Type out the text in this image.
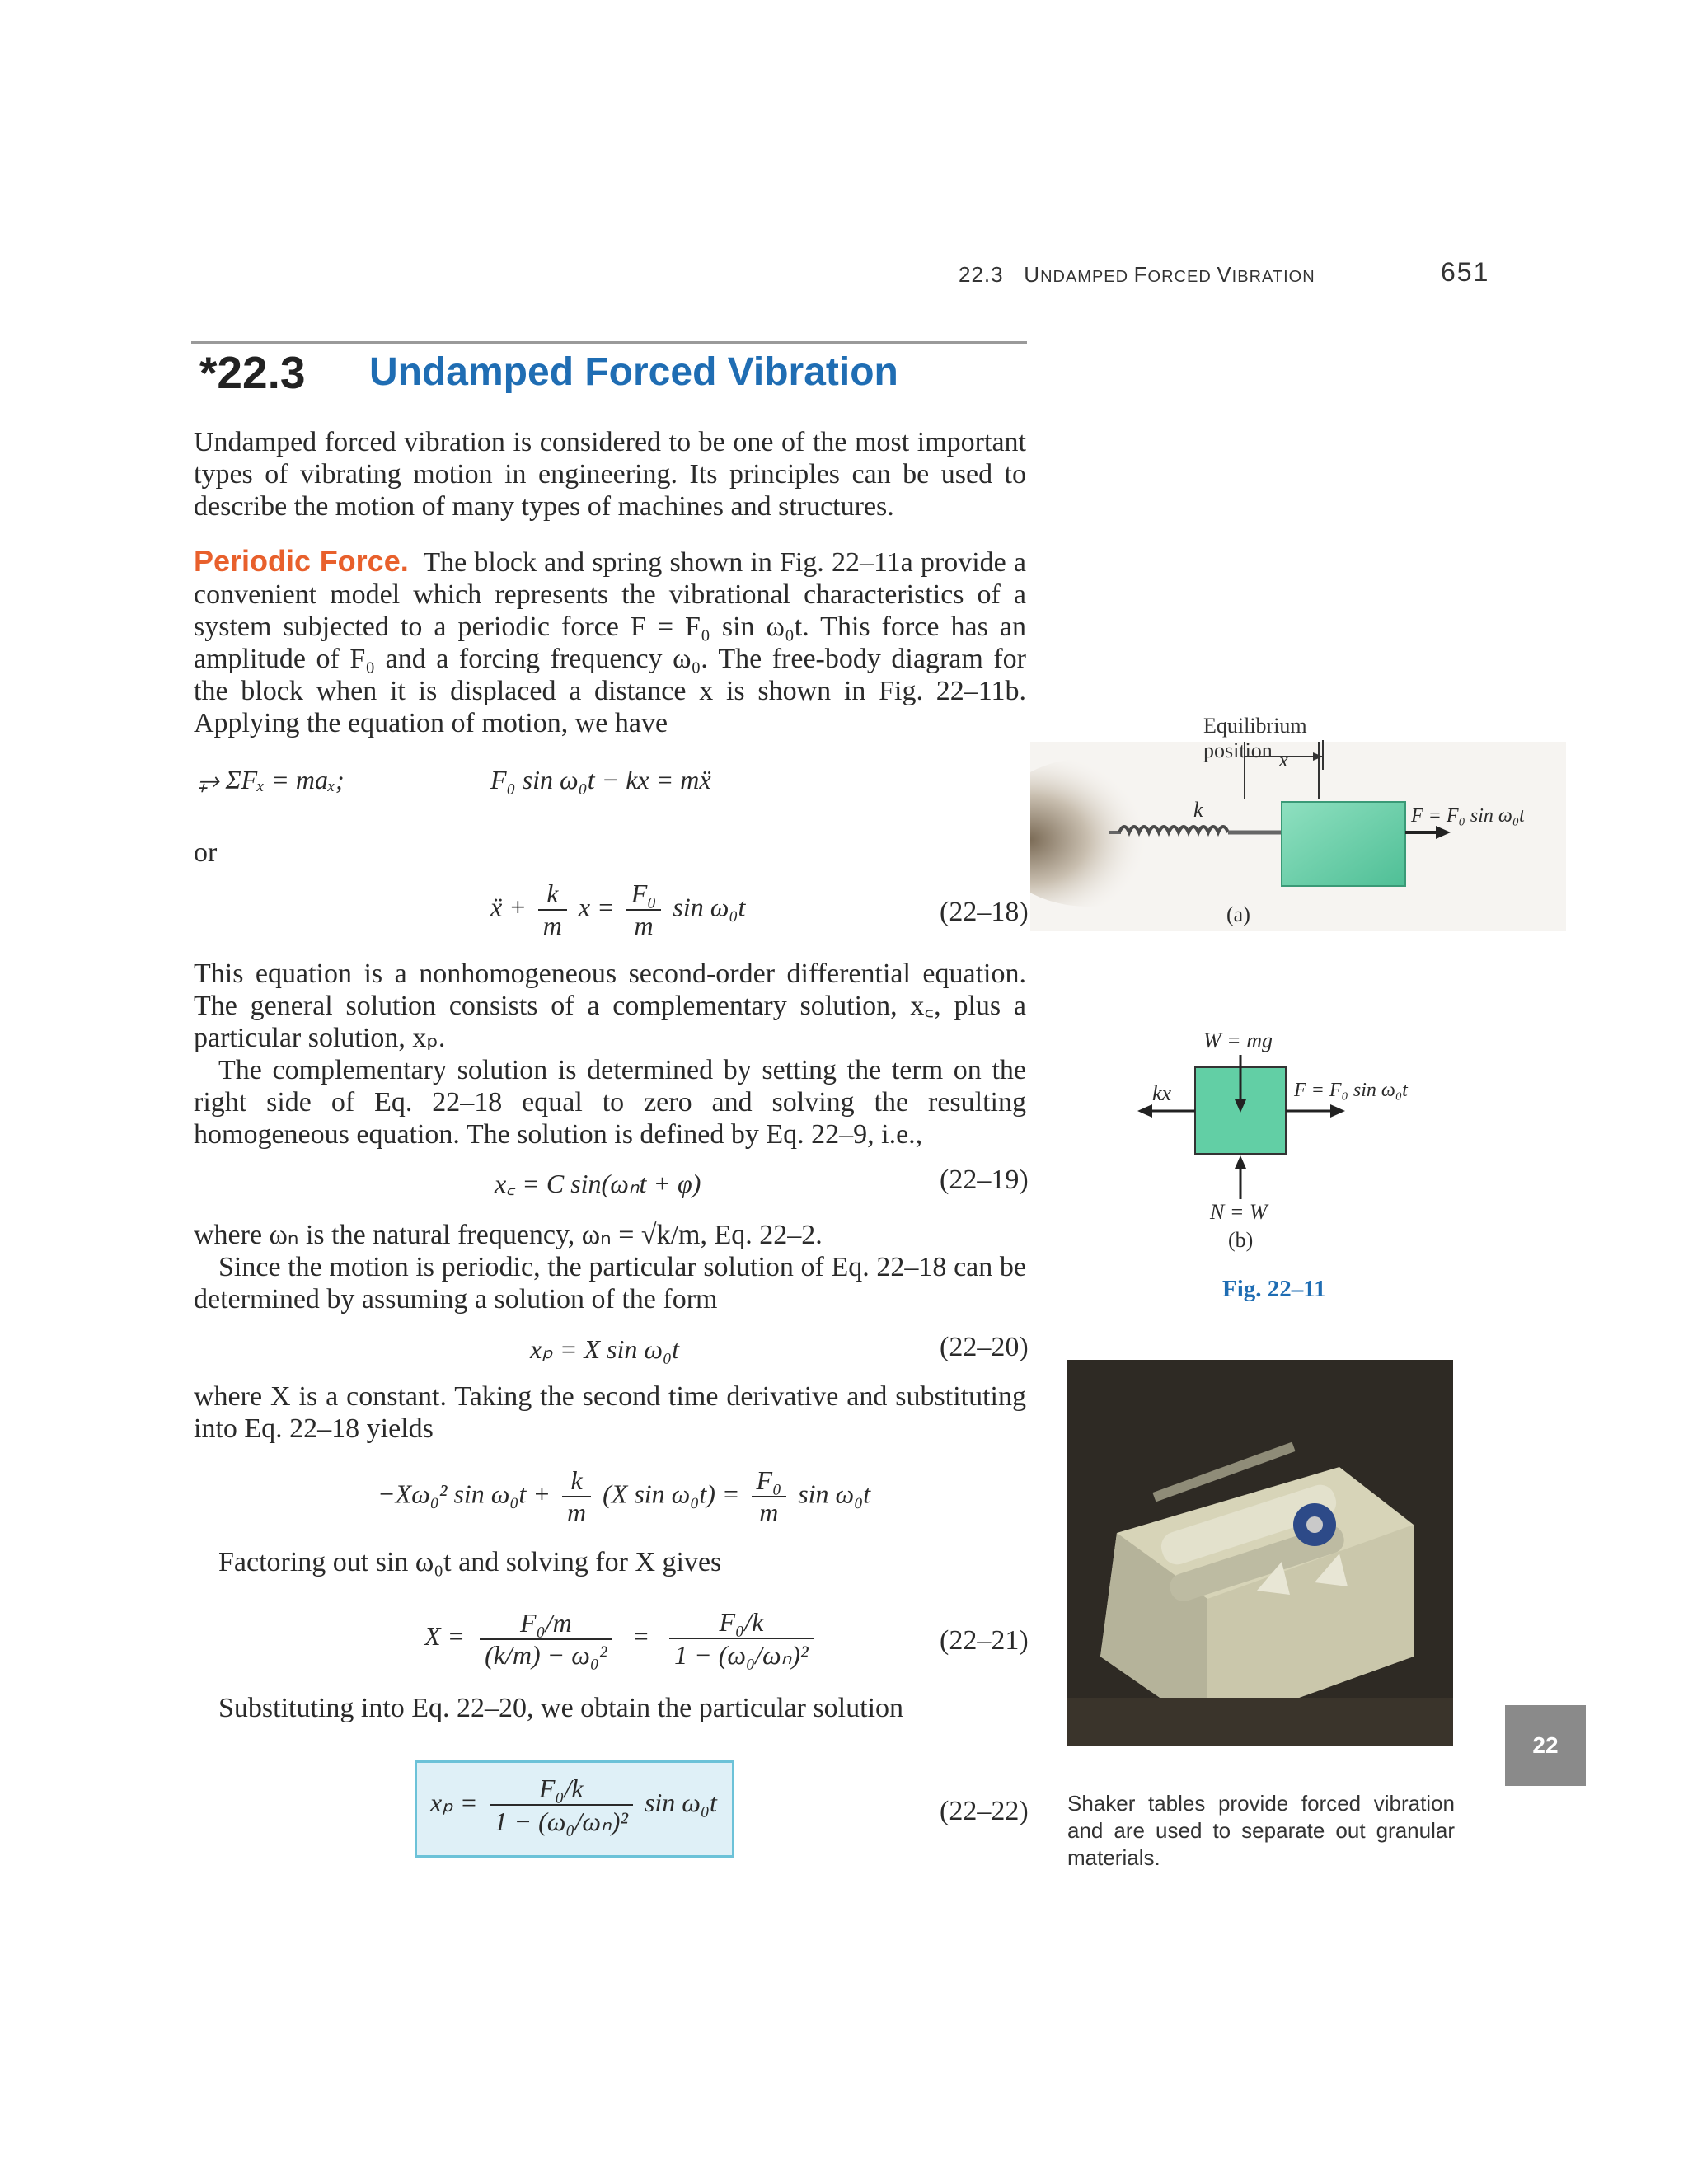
22.3 UNDAMPED FORCED VIBRATION	651
*22.3 Undamped Forced Vibration
Undamped forced vibration is considered to be one of the most important types of vibrating motion in engineering. Its principles can be used to describe the motion of many types of machines and structures.
Periodic Force. The block and spring shown in Fig. 22–11a provide a convenient model which represents the vibrational characteristics of a system subjected to a periodic force F = F₀ sin ω₀t. This force has an amplitude of F₀ and a forcing frequency ω₀. The free-body diagram for the block when it is displaced a distance x is shown in Fig. 22–11b. Applying the equation of motion, we have
⥅ ΣFₓ = maₓ;	F₀ sin ω₀t − kx = mẍ
or
ẍ + $\frac{k}{m}$ $x = \frac{\text{F₀}}{m}$ sin ω₀t	(22–18)
This equation is a nonhomogeneous second-order differential equation. The general solution consists of a complementary solution, x꜀, plus a particular solution, xₚ.
The complementary solution is determined by setting the term on the right side of Eq. 22–18 equal to zero and solving the resulting homogeneous equation. The solution is defined by Eq. 22–9, i.e.,
x꜀ = C sin(ωₙt + φ)	(22–19)
where ωₙ is the natural frequency, ωₙ = √k/m, Eq. 22–2.
Since the motion is periodic, the particular solution of Eq. 22–18 can be determined by assuming a solution of the form
xₚ = X sin ω₀t	(22–20)
where X is a constant. Taking the second time derivative and substituting into Eq. 22–18 yields
−Xω₀² $\sin \omega_0t + \frac{k}{m} (X$ $\sin \omega_0t) = \frac{\text{F₀}}{m}$ sin ω₀t
Factoring out sin ω₀t and solving for X gives
$X = \frac{\text{F₀/m}}{\text{(k/m) − ω₀²}} = \frac{\text{F₀/k}}{\text{1 − (ω₀/ωₙ)²}}$	(22–21)
Substituting into Eq. 22–20, we obtain the particular solution
$x_p = \frac{\text{F₀/k}}{\text{1 − (ω₀/ωₙ)²}}$ sin ω₀t	(22–22)
Equilibrium
position x
k	F = F₀ sin ω₀t
(a)
W = mg
kx	F = F₀ sin ω₀t
N = W
(b)
Fig. 22–11
Shaker tables provide forced vibration and are used to separate out granular materials.
22
